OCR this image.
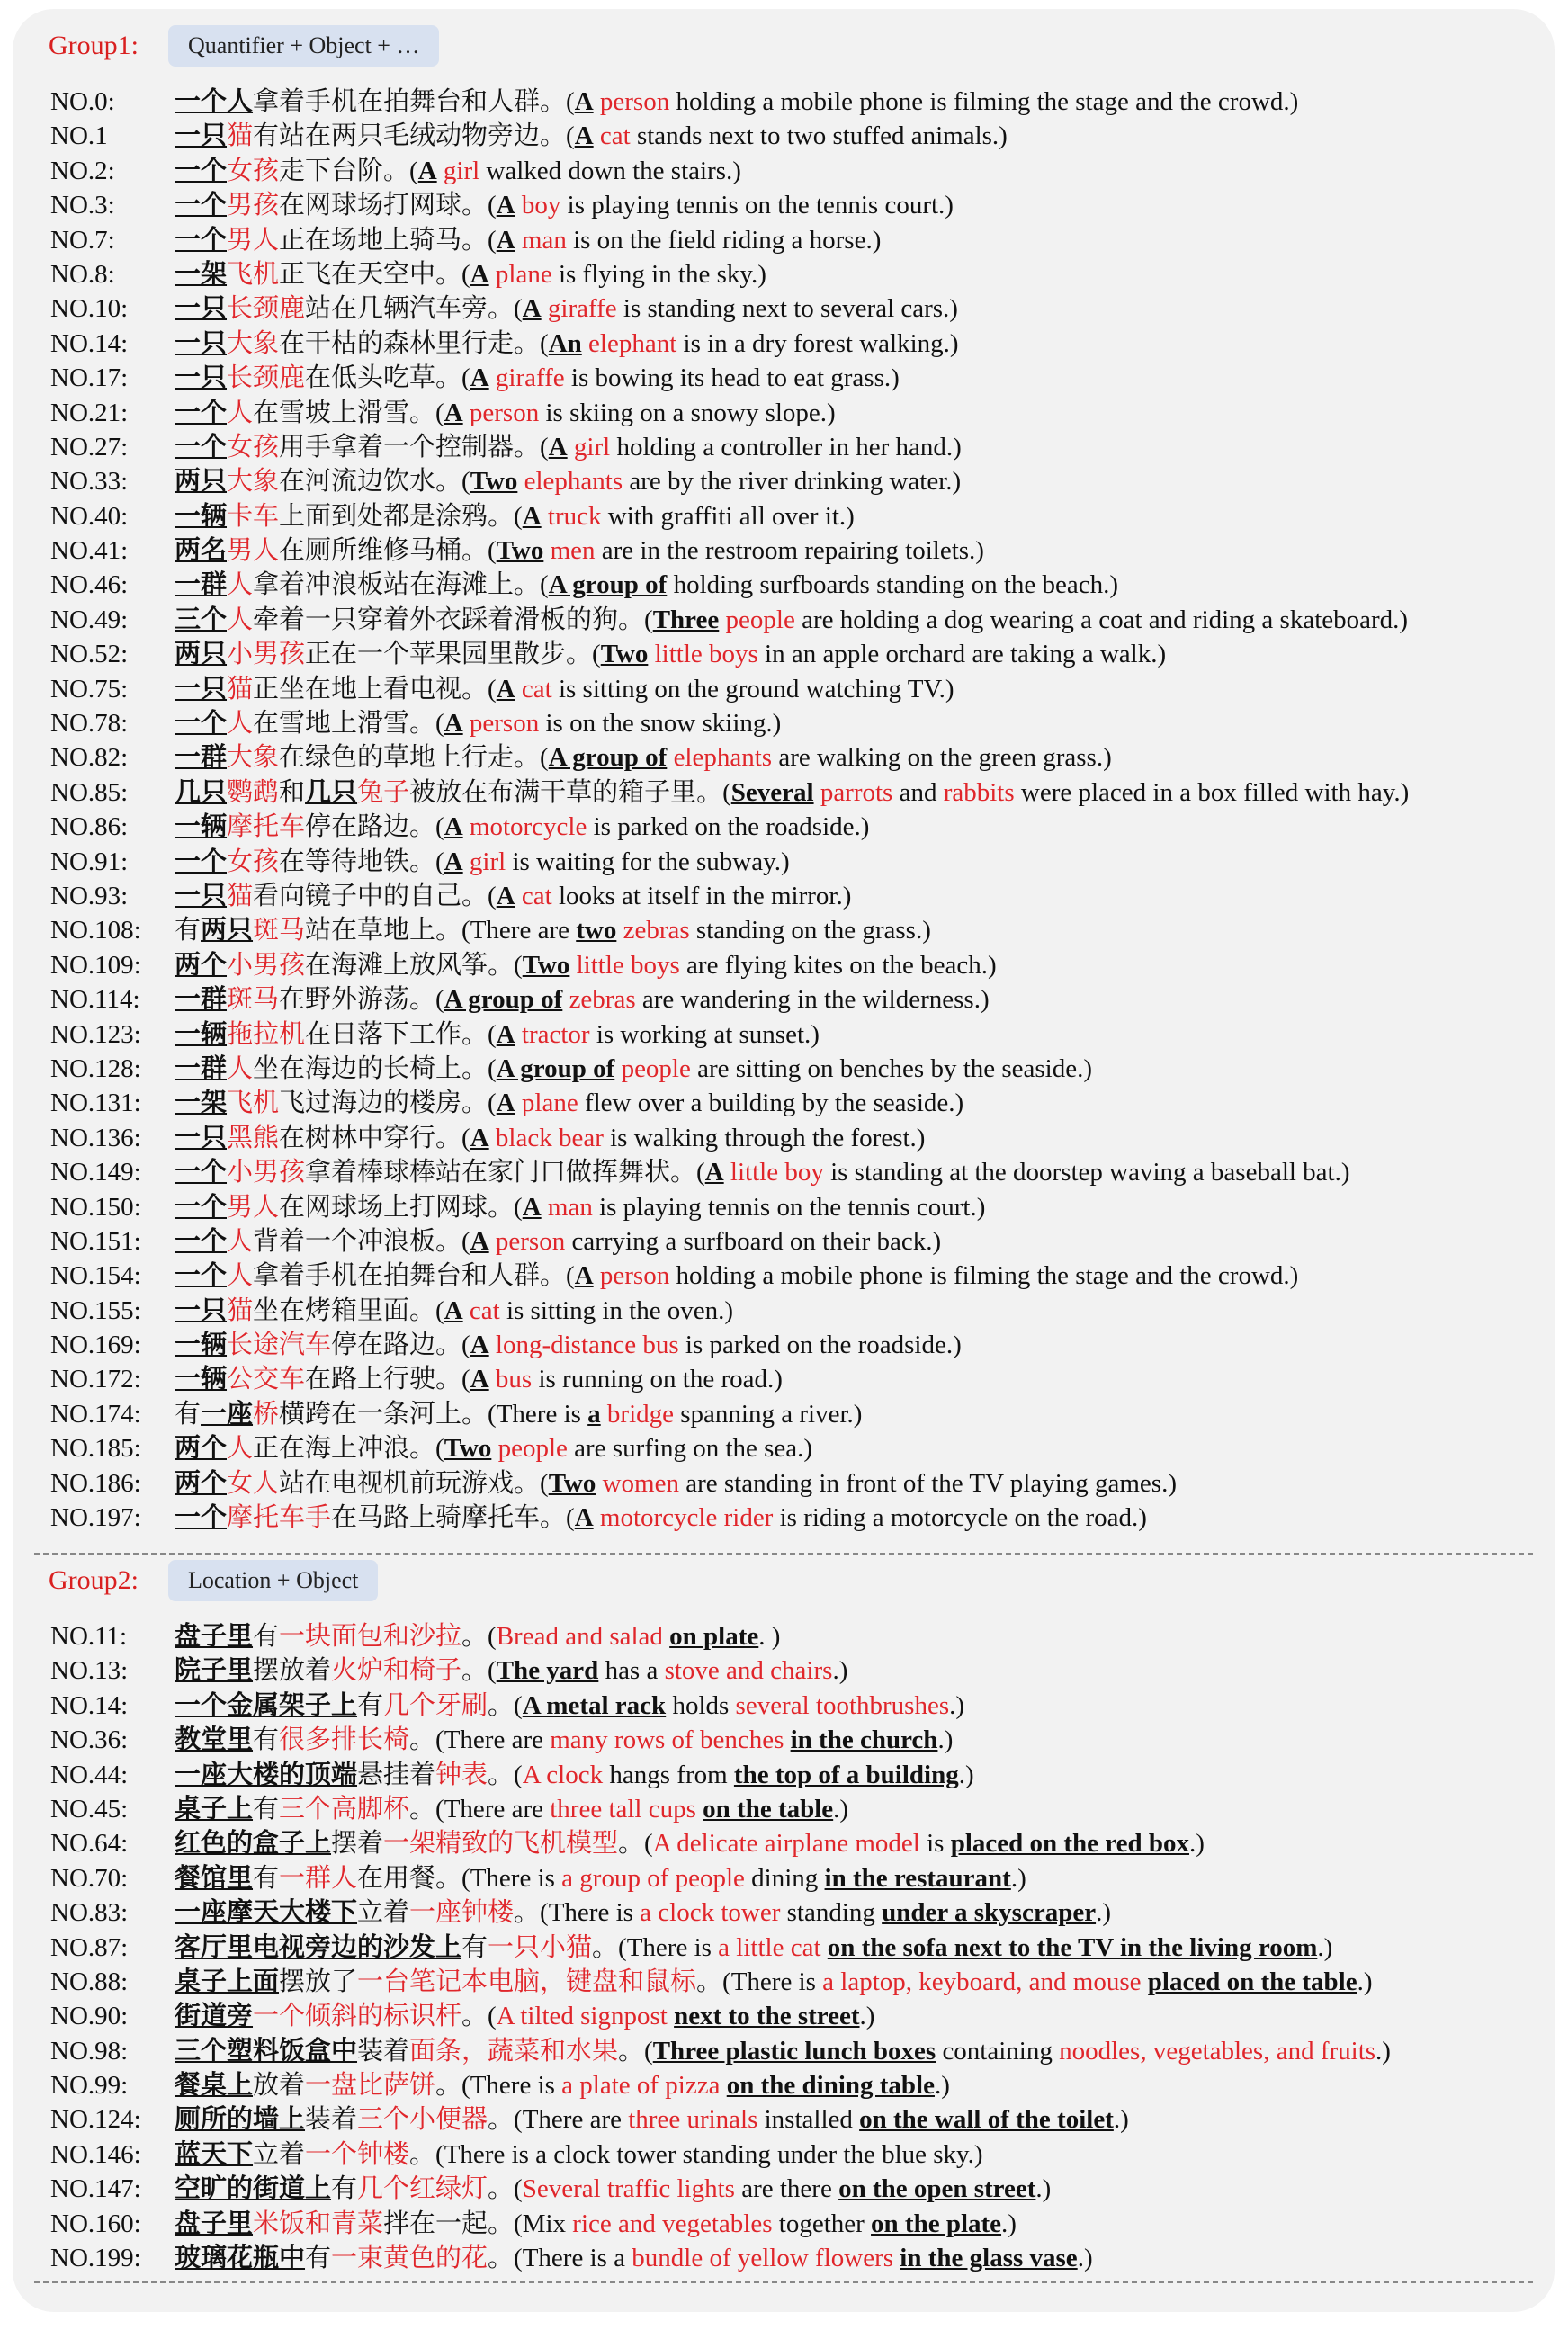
Group1:	Quantifier + Object + …
NO.0: 一个人拿着手机在拍舞台和人群。(A person holding a mobile phone is filming the stage and the crowd.)
NO.1	一只猫有站在两只毛绒动物旁边。(A cat stands next to two stuffed animals.)
NO.2: 一个女孩走下台阶。(A girl walked down the stairs.)
NO.3: 一个男孩在网球场打网球。(A boy is playing tennis on the tennis court.)
NO.7: 一个男人正在场地上骑马。(A man is on the field riding a horse.)
NO.8: 一架飞机正飞在天空中。(A plane is flying in the sky.)
NO.10: 一只长颈鹿站在几辆汽车旁。(A giraffe is standing next to several cars.)
NO.14: 一只大象在干枯的森林里行走。(An elephant is in a dry forest walking.)
NO.17: 一只长颈鹿在低头吃草。(A giraffe is bowing its head to eat grass.)
NO.21: 一个人在雪坡上滑雪。(A person is skiing on a snowy slope.)
NO.27: 一个女孩用手拿着一个控制器。(A girl holding a controller in her hand.)
NO.33: 两只大象在河流边饮水。(Two elephants are by the river drinking water.)
NO.40: 一辆卡车上面到处都是涂鸦。(A truck with graffiti all over it.)
NO.41: 两名男人在厕所维修马桶。(Two men are in the restroom repairing toilets.)
NO.46: 一群人拿着冲浪板站在海滩上。(A group of holding surfboards standing on the beach.)
NO.49: 三个人牵着一只穿着外衣踩着滑板的狗。(Three people are holding a dog wearing a coat and riding a skateboard.)
NO.52: 两只小男孩正在一个苹果园里散步。(Two little boys in an apple orchard are taking a walk.)
NO.75: 一只猫正坐在地上看电视。(A cat is sitting on the ground watching TV.)
NO.78: 一个人在雪地上滑雪。(A person is on the snow skiing.)
NO.82: 一群大象在绿色的草地上行走。(A group of elephants are walking on the green grass.)
NO.85: 几只鹦鹉和几只兔子被放在布满干草的箱子里。(Several parrots and rabbits were placed in a box filled with hay.)
NO.86: 一辆摩托车停在路边。(A motorcycle is parked on the roadside.)
NO.91: 一个女孩在等待地铁。(A girl is waiting for the subway.)
NO.93: 一只猫看向镜子中的自己。(A cat looks at itself in the mirror.)
NO.108: 有两只斑马站在草地上。(There are two zebras standing on the grass.)
NO.109: 两个小男孩在海滩上放风筝。(Two little boys are flying kites on the beach.)
NO.114: 一群斑马在野外游荡。(A group of zebras are wandering in the wilderness.)
NO.123: 一辆拖拉机在日落下工作。(A tractor is working at sunset.)
NO.128: 一群人坐在海边的长椅上。(A group of people are sitting on benches by the seaside.)
NO.131: 一架飞机飞过海边的楼房。(A plane flew over a building by the seaside.)
NO.136: 一只黑熊在树林中穿行。(A black bear is walking through the forest.)
NO.149: 一个小男孩拿着棒球棒站在家门口做挥舞状。(A little boy is standing at the doorstep waving a baseball bat.)
NO.150: 一个男人在网球场上打网球。(A man is playing tennis on the tennis court.)
NO.151: 一个人背着一个冲浪板。(A person carrying a surfboard on their back.)
NO.154: 一个人拿着手机在拍舞台和人群。(A person holding a mobile phone is filming the stage and the crowd.)
NO.155: 一只猫坐在烤箱里面。(A cat is sitting in the oven.)
NO.169: 一辆长途汽车停在路边。(A long-distance bus is parked on the roadside.)
NO.172: 一辆公交车在路上行驶。(A bus is running on the road.)
NO.174: 有一座桥横跨在一条河上。(There is a bridge spanning a river.)
NO.185: 两个人正在海上冲浪。(Two people are surfing on the sea.)
NO.186: 两个女人站在电视机前玩游戏。(Two women are standing in front of the TV playing games.)
NO.197: 一个摩托车手在马路上骑摩托车。(A motorcycle rider is riding a motorcycle on the road.)
Group2:	Location + Object
NO.11: 盘子里有一块面包和沙拉。(Bread and salad on plate. )
NO.13: 院子里摆放着火炉和椅子。(The yard has a stove and chairs.)
NO.14: 一个金属架子上有几个牙刷。(A metal rack holds several toothbrushes.)
NO.36: 教堂里有很多排长椅。(There are many rows of benches in the church.)
NO.44: 一座大楼的顶端悬挂着钟表。(A clock hangs from the top of a building.)
NO.45: 桌子上有三个高脚杯。(There are three tall cups on the table.)
NO.64: 红色的盒子上摆着一架精致的飞机模型。(A delicate airplane model is placed on the red box.)
NO.70: 餐馆里有一群人在用餐。(There is a group of people dining in the restaurant.)
NO.83: 一座摩天大楼下立着一座钟楼。(There is a clock tower standing under a skyscraper.)
NO.87: 客厅里电视旁边的沙发上有一只小猫。(There is a little cat on the sofa next to the TV in the living room.)
NO.88: 桌子上面摆放了一台笔记本电脑，键盘和鼠标。(There is a laptop, keyboard, and mouse placed on the table.)
NO.90: 街道旁一个倾斜的标识杆。(A tilted signpost next to the street.)
NO.98: 三个塑料饭盒中装着面条，蔬菜和水果。(Three plastic lunch boxes containing noodles, vegetables, and fruits.)
NO.99: 餐桌上放着一盘比萨饼。(There is a plate of pizza on the dining table.)
NO.124: 厕所的墙上装着三个小便器。(There are three urinals installed on the wall of the toilet.)
NO.146: 蓝天下立着一个钟楼。(There is a clock tower standing under the blue sky.)
NO.147: 空旷的街道上有几个红绿灯。(Several traffic lights are there on the open street.)
NO.160: 盘子里米饭和青菜拌在一起。(Mix rice and vegetables together on the plate.)
NO.199: 玻璃花瓶中有一束黄色的花。(There is a bundle of yellow flowers in the glass vase.)
